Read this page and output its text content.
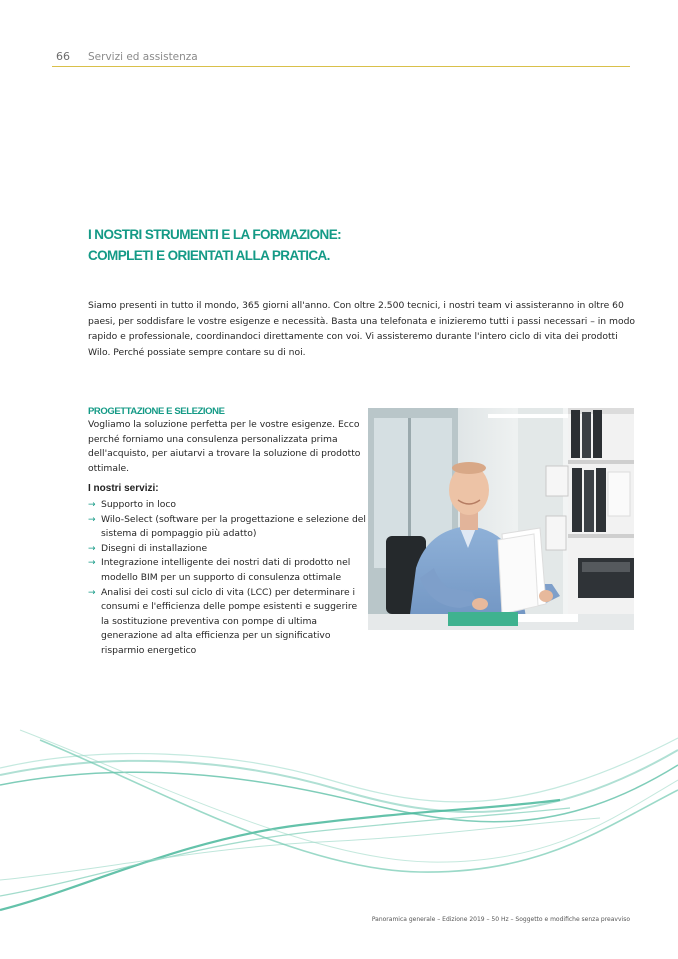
66 Servizi ed assistenza
I NOSTRI STRUMENTI E LA FORMAZIONE:
COMPLETI E ORIENTATI ALLA PRATICA.

Siamo presenti in tutto il mondo, 365 giorni all'anno. Con oltre 2.500 tecnici, i nostri team vi assisteranno in oltre 60 paesi, per soddisfare le vostre esigenze e necessità. Basta una telefonata e inizieremo tutti i passi necessari – in modo rapido e professionale, coordinandoci direttamente con voi. Vi assisteremo durante l'intero ciclo di vita dei prodotti Wilo. Perché possiate sempre contare su di noi.

PROGETTAZIONE E SELEZIONE

Vogliamo la soluzione perfetta per le vostre esigenze. Ecco perché forniamo una consulenza personalizzata prima dell'acquisto, per aiutarvi a trovare la soluzione di prodotto ottimale.

I nostri servizi:
→ Supporto in loco
→ Wilo-Select (software per la progettazione e selezione del sistema di pompaggio più adatto)
→ Disegni di installazione
→ Integrazione intelligente dei nostri dati di prodotto nel modello BIM per un supporto di consulenza ottimale
→ Analisi dei costi sul ciclo di vita (LCC) per determinare i consumi e l'efficienza delle pompe esistenti e suggerire la sostituzione preventiva con pompe di ultima generazione ad alta efficienza per un significativo risparmio energetico

Panoramica generale – Edizione 2019 – 50 Hz – Soggetto e modifiche senza preavviso
